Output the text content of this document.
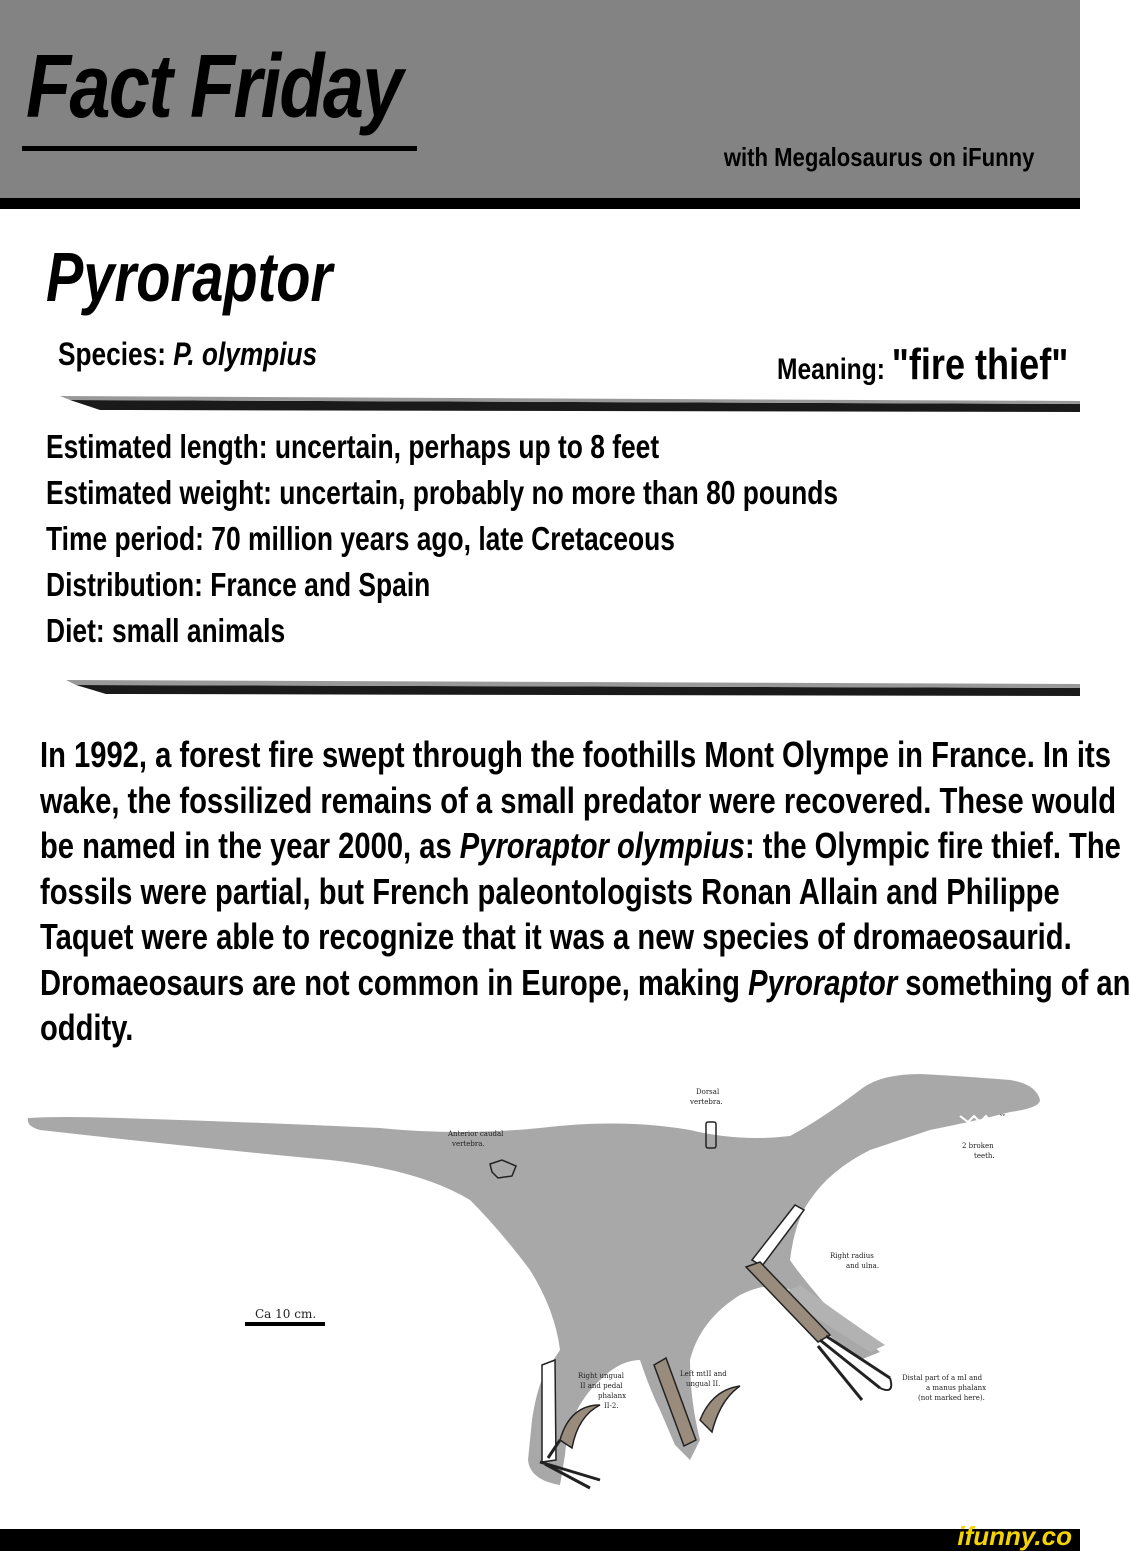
Fact Friday
with Megalosaurus on iFunny
Pyroraptor
Species: P. olympius	Meaning: "fire thief"
Estimated length: uncertain, perhaps up to 8 feet
Estimated weight: uncertain, probably no more than 80 pounds
Time period: 70 million years ago, late Cretaceous
Distribution: France and Spain
Diet: small animals
In 1992, a forest fire swept through the foothills Mont Olympe in France. In its
wake, the fossilized remains of a small predator were recovered. These would
be named in the year 2000, as Pyroraptor olympius: the Olympic fire thief. The
fossils were partial, but French paleontologists Ronan Allain and Philippe
Taquet were able to recognize that it was a new species of dromaeosaurid.
Dromaeosaurs are not common in Europe, making Pyroraptor something of an
oddity.
ᵥᵥ
Ca 10 cm.
Dorsal
vertebra.
Anterior caudal
vertebra.	2 broken
teeth.
Right radius
and ulna.
Right ungual
II and pedal
phalanx
II-2.
Left mtII and
ungual II.
Distal part of a mI and
a manus phalanx
(not marked here).
ifunny.co
